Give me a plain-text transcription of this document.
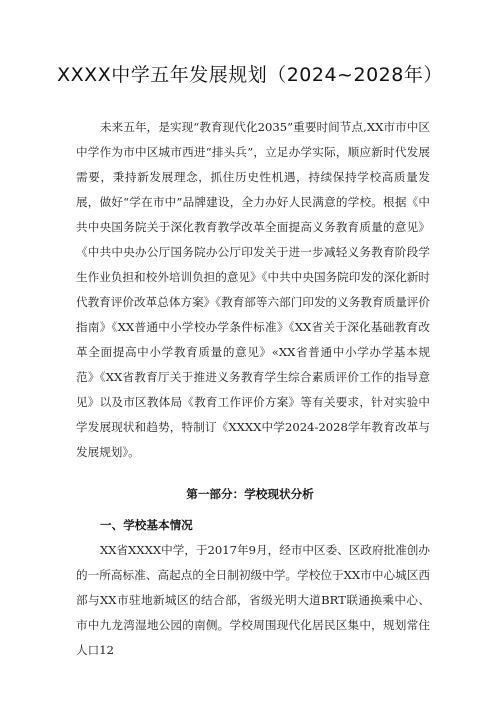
XXXX中学五年发展规划（2024~2028年）
未来五年，是实现“教育现代化2035”重要时间节点,XX市市中区中学作为市中区城市西进“排头兵”，立足办学实际，顺应新时代发展需要，秉持新发展理念，抓住历史性机遇，持续保持学校高质量发展，做好“学在市中”品牌建设，全力办好人民满意的学校。根据《中共中央国务院关于深化教育教学改革全面提高义务教育质量的意见》《中共中央办公厅国务院办公厅印发关于进一步减轻义务教育阶段学生作业负担和校外培训负担的意见》《中共中央国务院印发的深化新时代教育评价改革总体方案》《教育部等六部门印发的义务教育质量评价指南》《XX普通中小学校办学条件标准》《XX省关于深化基础教育改革全面提高中小学教育质量的意见》«XX省普通中小学办学基本规范》《XX省教育厅关于推进义务教育学生综合素质评价工作的指导意见》以及市区教体局《教育工作评价方案》等有关要求，针对实验中学发展现状和趋势，特制订《XXXX中学2024-2028学年教育改革与发展规划》。
第一部分：学校现状分析
一、学校基本情况
XX省XXXX中学，于2017年9月，经市中区委、区政府批准创办的一所高标准、高起点的全日制初级中学。学校位于XX市中心城区西部与XX市驻地新城区的结合部，省级光明大道BRT联通换乘中心、市中九龙湾湿地公园的南侧。学校周围现代化居民区集中，规划常住人口12
